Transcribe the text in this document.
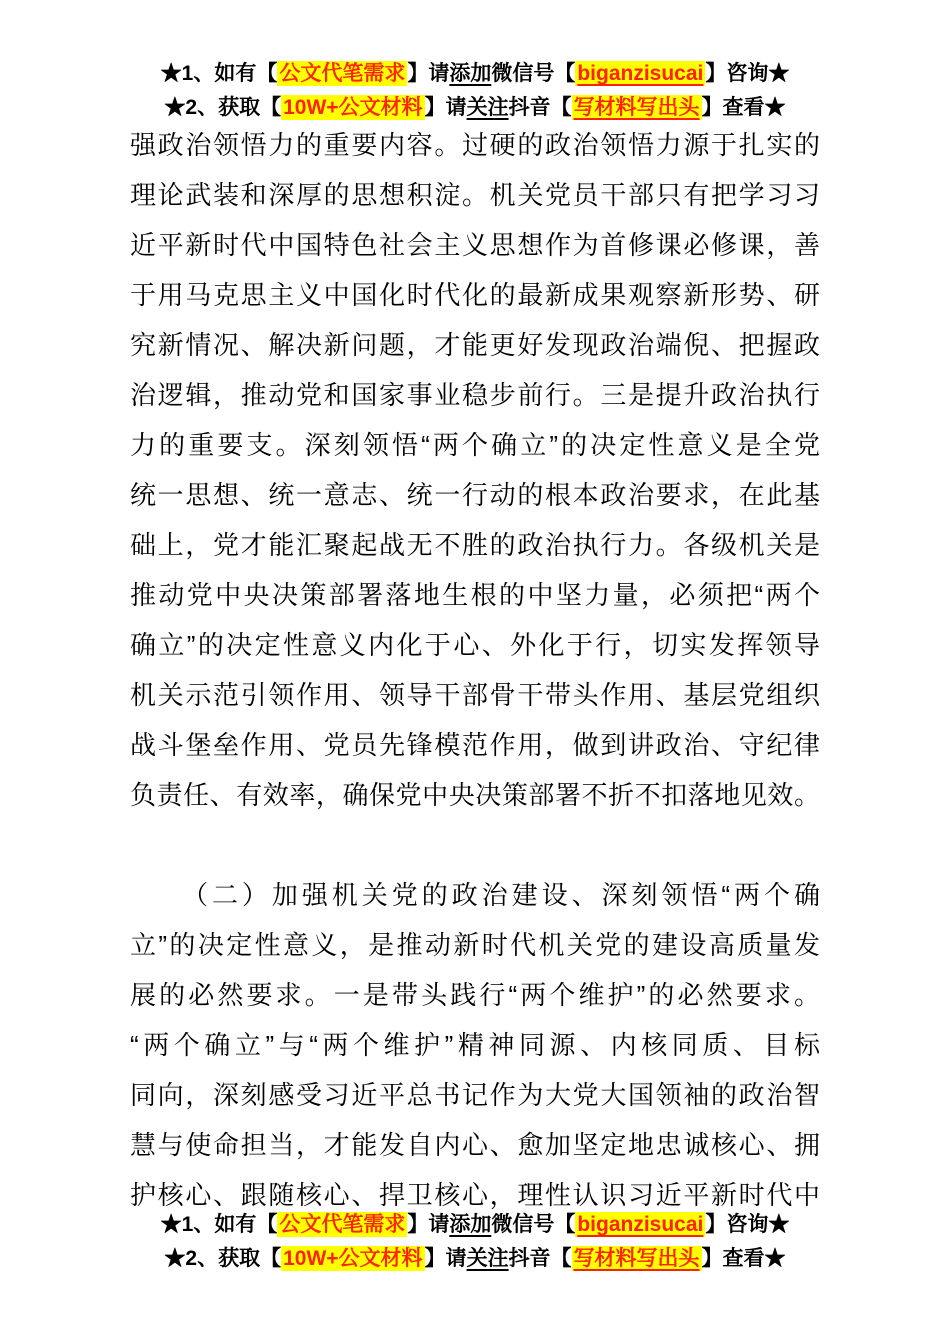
★1、如有【公文代笔需求】请添加微信号【biganzisucai】咨询★
★2、获取【10W+公文材料】请关注抖音【写材料写出头】查看★
强政治领悟力的重要内容。过硬的政治领悟力源于扎实的
理论武装和深厚的思想积淀。机关党员干部只有把学习习
近平新时代中国特色社会主义思想作为首修课必修课，善
于用马克思主义中国化时代化的最新成果观察新形势、研
究新情况、解决新问题，才能更好发现政治端倪、把握政
治逻辑，推动党和国家事业稳步前行。三是提升政治执行
力的重要支。深刻领悟“两个确立”的决定性意义是全党
统一思想、统一意志、统一行动的根本政治要求，在此基
础上，党才能汇聚起战无不胜的政治执行力。各级机关是
推动党中央决策部署落地生根的中坚力量，必须把“两个
确立”的决定性意义内化于心、外化于行，切实发挥领导
机关示范引领作用、领导干部骨干带头作用、基层党组织
战斗堡垒作用、党员先锋模范作用，做到讲政治、守纪律
负责任、有效率，确保党中央决策部署不折不扣落地见效。
（二）加强机关党的政治建设、深刻领悟“两个确
立”的决定性意义，是推动新时代机关党的建设高质量发
展的必然要求。一是带头践行“两个维护”的必然要求。
“两个确立”与“两个维护”精神同源、内核同质、目标
同向，深刻感受习近平总书记作为大党大国领袖的政治智
慧与使命担当，才能发自内心、愈加坚定地忠诚核心、拥
护核心、跟随核心、捍卫核心，理性认识习近平新时代中
★1、如有【公文代笔需求】请添加微信号【biganzisucai】咨询★
★2、获取【10W+公文材料】请关注抖音【写材料写出头】查看★
